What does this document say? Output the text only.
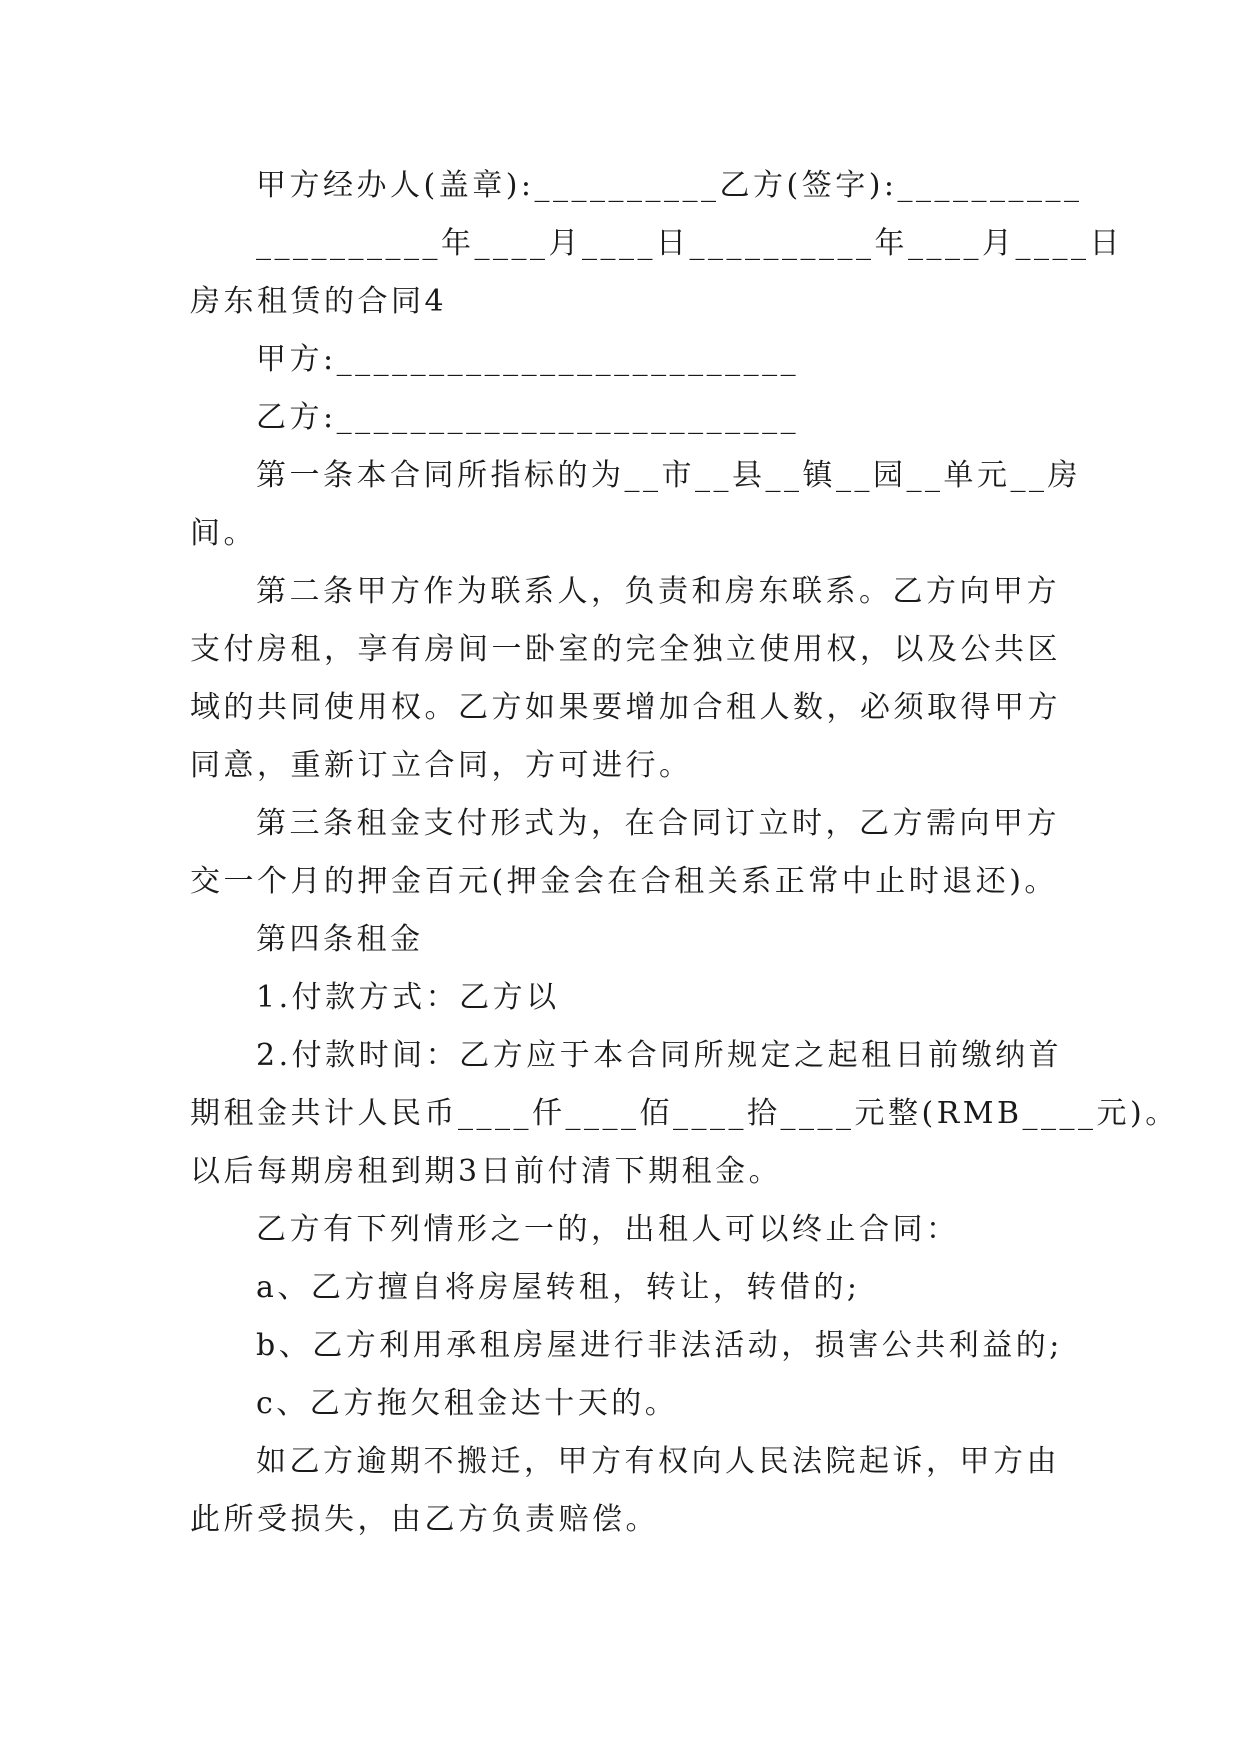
甲方经办人(盖章):__________乙方(签字):__________

__________年____月____日__________年____月____日

房东租赁的合同4

甲方:_________________________

乙方:_________________________

第一条本合同所指标的为__市__县__镇__园__单元__房

间。

第二条甲方作为联系人，负责和房东联系。乙方向甲方

支付房租，享有房间一卧室的完全独立使用权，以及公共区

域的共同使用权。乙方如果要增加合租人数，必须取得甲方

同意，重新订立合同，方可进行。

第三条租金支付形式为，在合同订立时，乙方需向甲方

交一个月的押金百元(押金会在合租关系正常中止时退还)。

第四条租金

1.付款方式：乙方以

2.付款时间：乙方应于本合同所规定之起租日前缴纳首

期租金共计人民币____仟____佰____拾____元整(RMB____元)。

以后每期房租到期3日前付清下期租金。

乙方有下列情形之一的，出租人可以终止合同：

a、乙方擅自将房屋转租，转让，转借的;

b、乙方利用承租房屋进行非法活动，损害公共利益的;

c、乙方拖欠租金达十天的。

如乙方逾期不搬迁，甲方有权向人民法院起诉，甲方由

此所受损失，由乙方负责赔偿。
